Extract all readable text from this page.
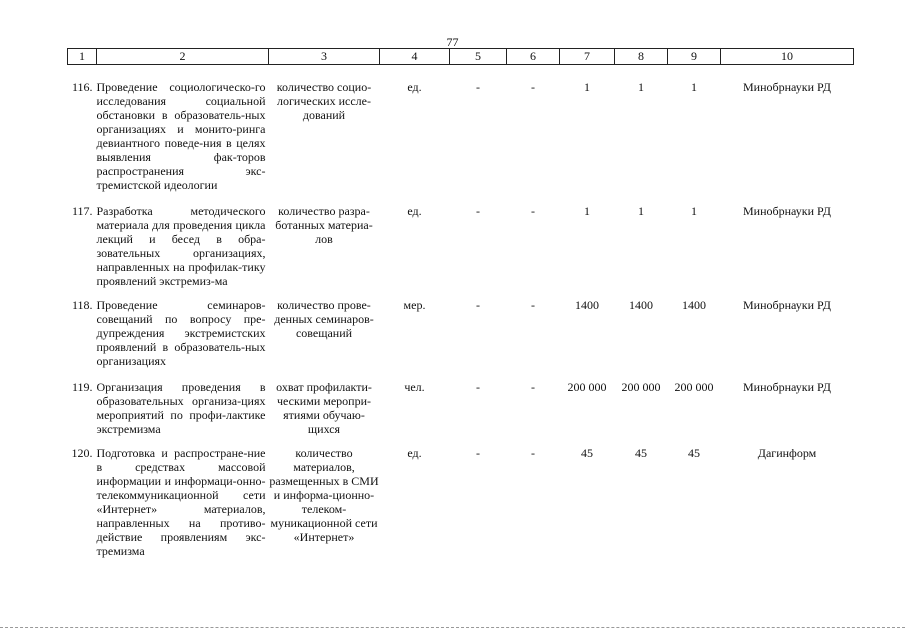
77
1	2	3	4	5	6	7	8	9	10

116.	Проведение социологическо-го исследования социальной обстановки в образователь-ных организациях и монито-ринга девиантного поведе-ния в целях выявления фак-торов распространения экс-тремистской идеологии	количество социо-логических иссле-дований	ед.	-	-	1	1	1	Минобрнауки РД
117.	Разработка методического материала для проведения цикла лекций и бесед в обра-зовательных организациях, направленных на профилак-тику проявлений экстремиз-ма	количество разра-ботанных материа-лов	ед.	-	-	1	1	1	Минобрнауки РД
118.	Проведение семинаров-совещаний по вопросу пре-дупреждения экстремистских проявлений в образователь-ных организациях	количество прове-денных семинаров-совещаний	мер.	-	-	1400	1400	1400	Минобрнауки РД
119.	Организация проведения в образовательных организа-циях мероприятий по профи-лактике экстремизма	охват профилакти-ческими меропри-ятиями обучаю-щихся	чел.	-	-	200 000	200 000	200 000	Минобрнауки РД
120.	Подготовка и распростране-ние в средствах массовой информации и информаци-онно-телекоммуникационной сети «Интернет» материалов, направленных на противо-действие проявлениям экс-тремизма	количество материалов, размещенных в СМИ и информа-ционно-телеком-муникационной сети «Интернет»	ед.	-	-	45	45	45	Дагинформ
